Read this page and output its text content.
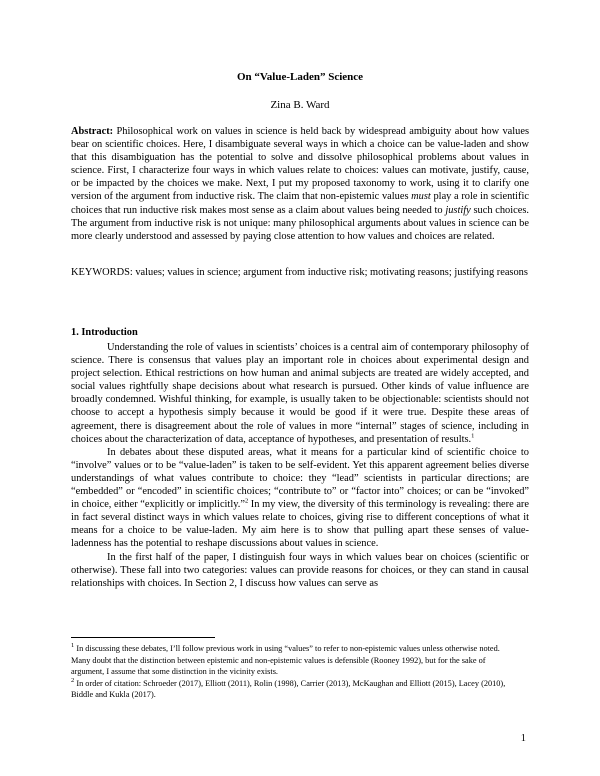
On “Value-Laden” Science
Zina B. Ward
Abstract: Philosophical work on values in science is held back by widespread ambiguity about how values bear on scientific choices. Here, I disambiguate several ways in which a choice can be value-laden and show that this disambiguation has the potential to solve and dissolve philosophical problems about values in science. First, I characterize four ways in which values relate to choices: values can motivate, justify, cause, or be impacted by the choices we make. Next, I put my proposed taxonomy to work, using it to clarify one version of the argument from inductive risk. The claim that non-epistemic values must play a role in scientific choices that run inductive risk makes most sense as a claim about values being needed to justify such choices. The argument from inductive risk is not unique: many philosophical arguments about values in science can be more clearly understood and assessed by paying close attention to how values and choices are related.
KEYWORDS: values; values in science; argument from inductive risk; motivating reasons; justifying reasons
1. Introduction

Understanding the role of values in scientists’ choices is a central aim of contemporary philosophy of science. There is consensus that values play an important role in choices about experimental design and project selection. Ethical restrictions on how human and animal subjects are treated are widely accepted, and social values rightfully shape decisions about what research is pursued. Other kinds of value influence are broadly condemned. Wishful thinking, for example, is usually taken to be objectionable: scientists should not choose to accept a hypothesis simply because it would be good if it were true. Despite these areas of agreement, there is disagreement about the role of values in more “internal” stages of science, including in choices about the characterization of data, acceptance of hypotheses, and presentation of results.$^1$

In debates about these disputed areas, what it means for a particular kind of scientific choice to “involve” values or to be “value-laden” is taken to be self-evident. Yet this apparent agreement belies diverse understandings of what values contribute to choice: they “lead” scientists in particular directions; are “embedded” or “encoded” in scientific choices; “contribute to” or “factor into” choices; or can be “invoked” in choice, either “explicitly or implicitly.”$^2$ In my view, the diversity of this terminology is revealing: there are in fact several distinct ways in which values relate to choices, giving rise to different conceptions of what it means for a choice to be value-laden. My aim here is to show that pulling apart these senses of value-ladenness has the potential to reshape discussions about values in science.

In the first half of the paper, I distinguish four ways in which values bear on choices (scientific or otherwise). These fall into two categories: values can provide reasons for choices, or they can stand in causal relationships with choices. In Section 2, I discuss how values can serve as

$^1$ In discussing these debates, I’ll follow previous work in using “values” to refer to non-epistemic values unless otherwise noted. Many doubt that the distinction between epistemic and non-epistemic values is defensible (Rooney 1992), but for the sake of argument, I assume that some distinction in the vicinity exists.

$^2$ In order of citation: Schroeder (2017), Elliott (2011), Rolin (1998), Carrier (2013), McKaughan and Elliott (2015), Lacey (2010), Biddle and Kukla (2017).

1
